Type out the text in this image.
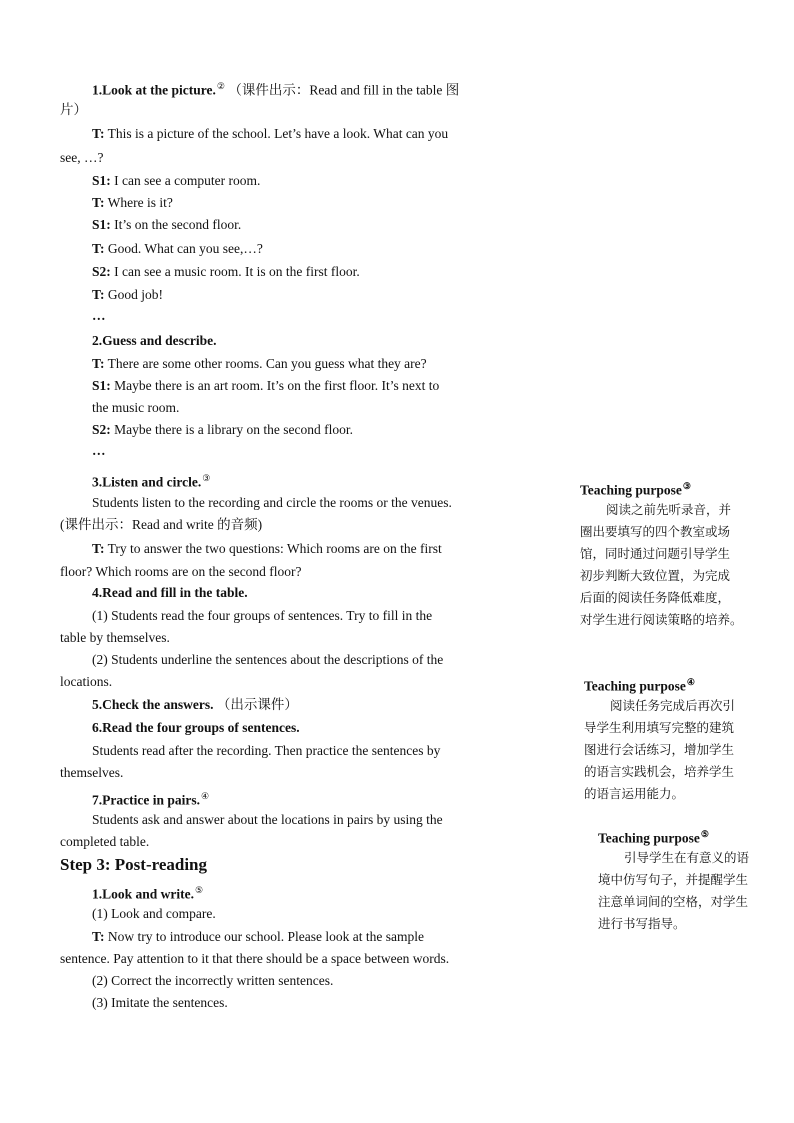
1.Look at the picture.② （课件出示：Read and fill in the table 图
片）
T: This is a picture of the school. Let’s have a look. What can you
see, …?
S1: I can see a computer room.
T: Where is it?
S1: It’s on the second floor.
T: Good. What can you see,…?
S2: I can see a music room. It is on the first floor.
T: Good job!
…
2.Guess and describe.
T: There are some other rooms. Can you guess what they are?
S1: Maybe there is an art room. It’s on the first floor. It’s next to
the music room.
S2: Maybe there is a library on the second floor.
…
3.Listen and circle.③
Students listen to the recording and circle the rooms or the venues.
(课件出示：Read and write 的音频)
T: Try to answer the two questions: Which rooms are on the first
floor? Which rooms are on the second floor?
4.Read and fill in the table.
(1) Students read the four groups of sentences. Try to fill in the
table by themselves.
(2) Students underline the sentences about the descriptions of the
locations.
5.Check the answers. （出示课件）
6.Read the four groups of sentences.
Students read after the recording. Then practice the sentences by
themselves.
7.Practice in pairs.④
Students ask and answer about the locations in pairs by using the
completed table.
Step 3: Post-reading
1.Look and write.⑤
(1) Look and compare.
T: Now try to introduce our school. Please look at the sample
sentence. Pay attention to it that there should be a space between words.
(2) Correct the incorrectly written sentences.
(3) Imitate the sentences.
Teaching purpose③
阅读之前先听录音，并
圈出要填写的四个教室或场
馆，同时通过问题引导学生
初步判断大致位置，为完成
后面的阅读任务降低难度，
对学生进行阅读策略的培养。
Teaching purpose④
阅读任务完成后再次引
导学生利用填写完整的建筑
图进行会话练习，增加学生
的语言实践机会，培养学生
的语言运用能力。
Teaching purpose⑤
引导学生在有意义的语
境中仿写句子，并提醒学生
注意单词间的空格，对学生
进行书写指导。
